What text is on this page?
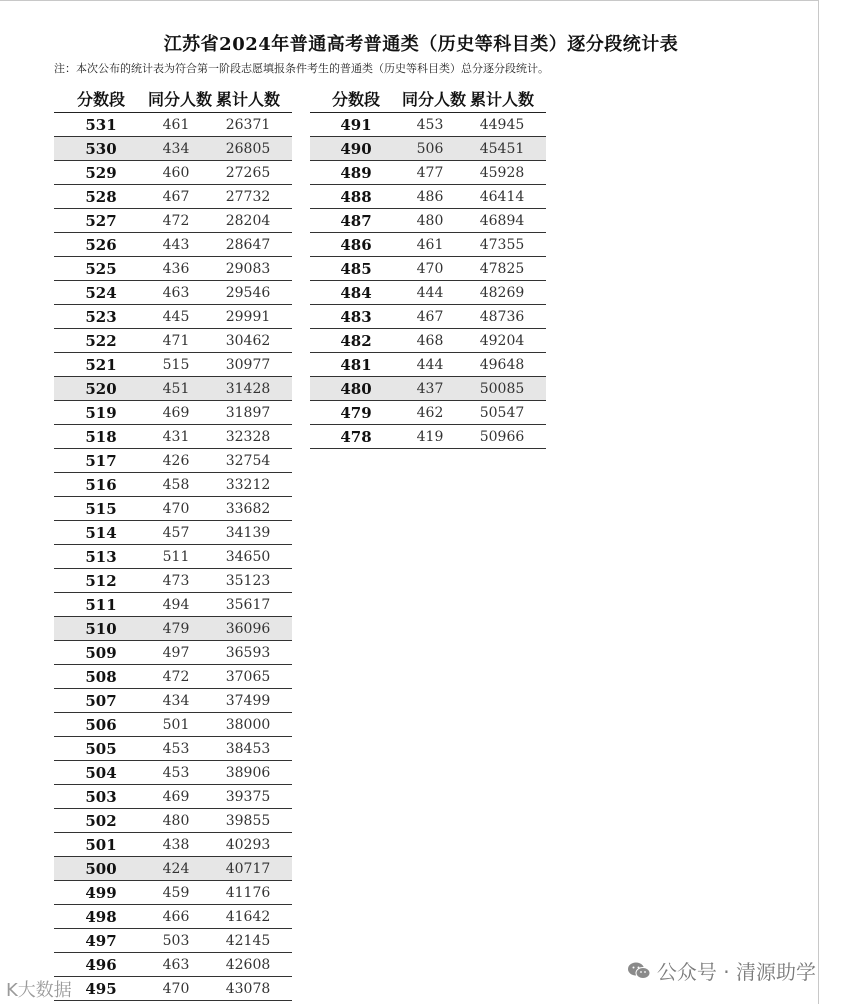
江苏省2024年普通高考普通类（历史等科目类）逐分段统计表
注：本次公布的统计表为符合第一阶段志愿填报条件考生的普通类（历史等科目类）总分逐分段统计。
分数段	同分人数	累计人数
531	461	26371
530	434	26805
529	460	27265
528	467	27732
527	472	28204
526	443	28647
525	436	29083
524	463	29546
523	445	29991
522	471	30462
521	515	30977
520	451	31428
519	469	31897
518	431	32328
517	426	32754
516	458	33212
515	470	33682
514	457	34139
513	511	34650
512	473	35123
511	494	35617
510	479	36096
509	497	36593
508	472	37065
507	434	37499
506	501	38000
505	453	38453
504	453	38906
503	469	39375
502	480	39855
501	438	40293
500	424	40717
499	459	41176
498	466	41642
497	503	42145
496	463	42608
495	470	43078
分数段	同分人数	累计人数
491	453	44945
490	506	45451
489	477	45928
488	486	46414
487	480	46894
486	461	47355
485	470	47825
484	444	48269
483	467	48736
482	468	49204
481	444	49648
480	437	50085
479	462	50547
478	419	50966
公众号 · 清源助学
K大数据
